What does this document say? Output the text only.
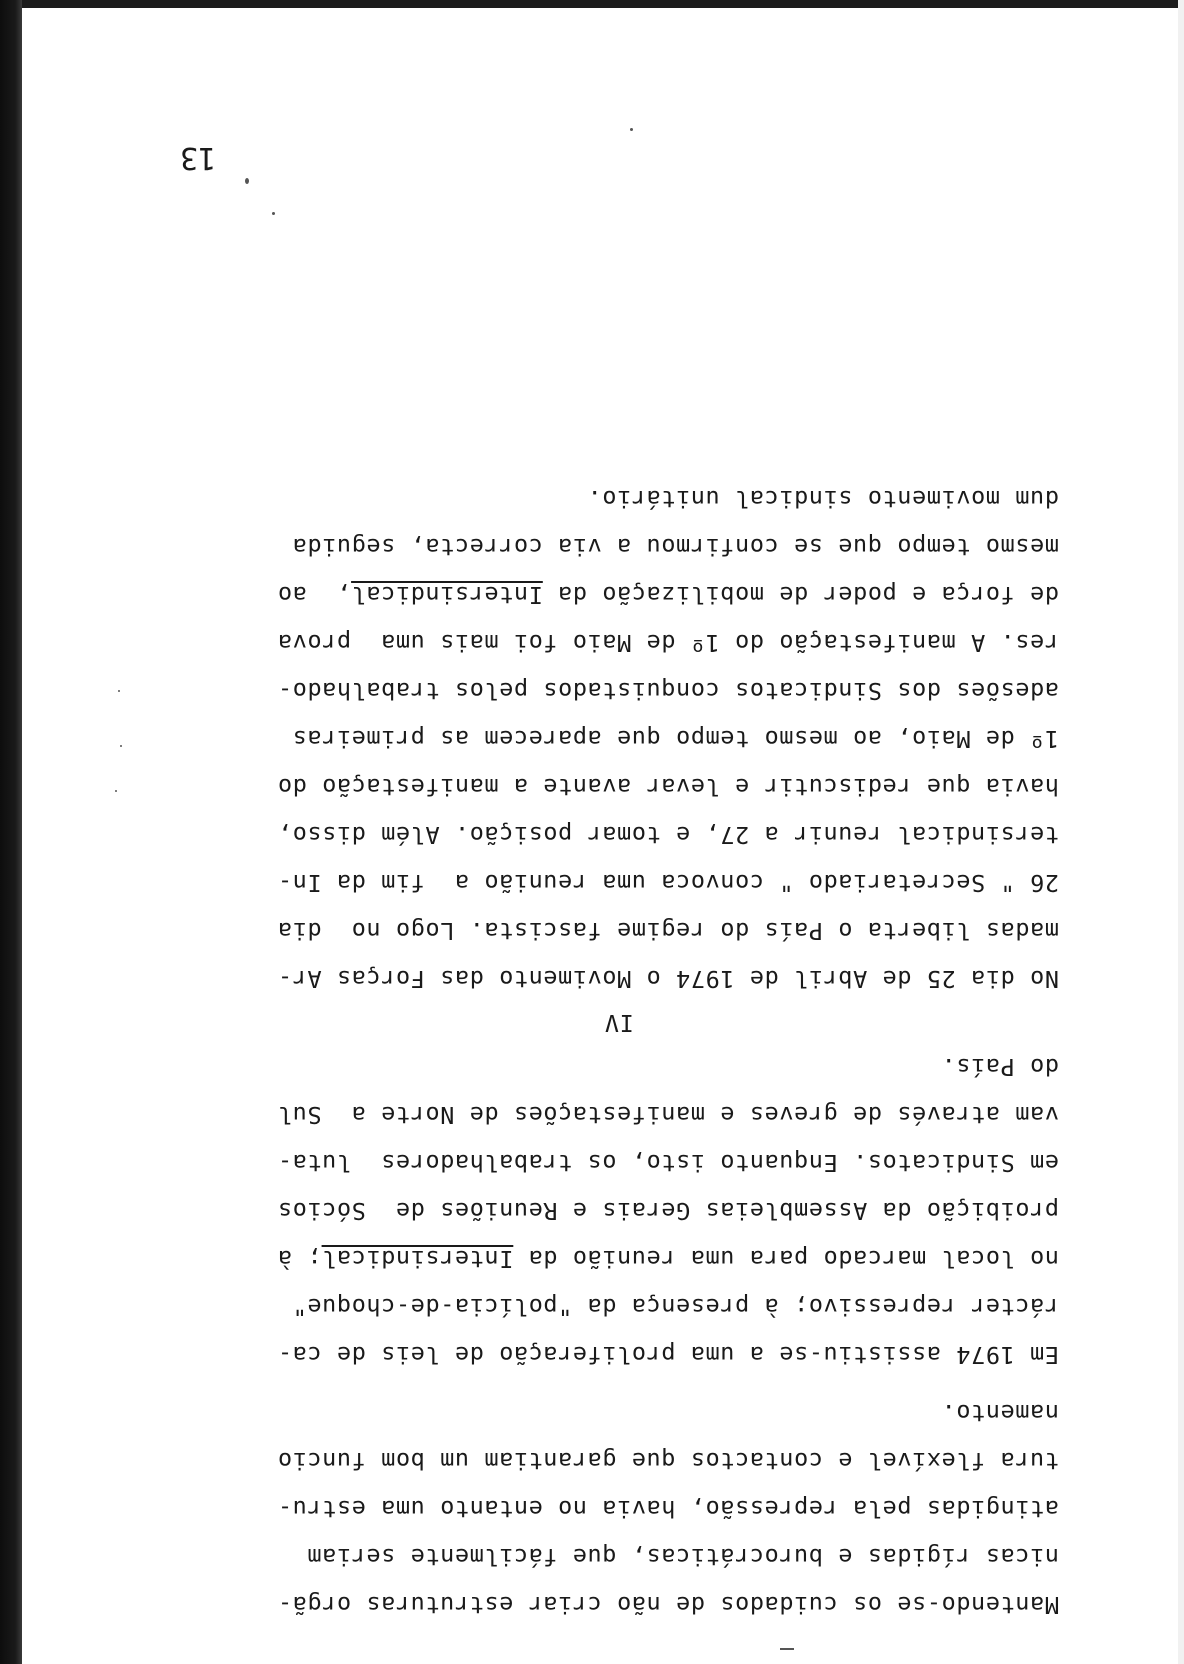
Mantendo-se os cuidados de não criar estruturas orgã-
nicas rígidas e burocráticas, que fácilmente seriam
atingidas pela repressão, havia no entanto uma estru-
tura flexível e contactos que garantiam um bom funcio
namento.
Em 1974 assistiu-se a uma proliferação de leis de ca-
rácter repressivo; à presença da "polícia-de-choque"
no local marcado para uma reunião da Intersindical; à
proibição da Assembleias Gerais e Reuniões de  Sócios
em Sindicatos. Enquanto isto, os trabalhadores  luta-
vam através de greves e manifestações de Norte a  Sul
do País.
IV
No dia 25 de Abril de 1974 o Movimento das Forças Ar-
madas liberta o País do regime fascista. Logo no  dia
26 " Secretariado " convoca uma reunião a  fim da In-
tersindical reunir a 27, e tomar posição. Além disso,
havia que rediscutir e levar avante a manifestação do
1º de Maio, ao mesmo tempo que aparecem as primeiras
adesões dos Sindicatos conquistados pelos trabalhado-
res. A manifestação do 1º de Maio foi mais uma  prova
de força e poder de mobilização da Intersindical,  ao
mesmo tempo que se confirmou a via correcta, seguida
dum movimento sindical unitário.
13
